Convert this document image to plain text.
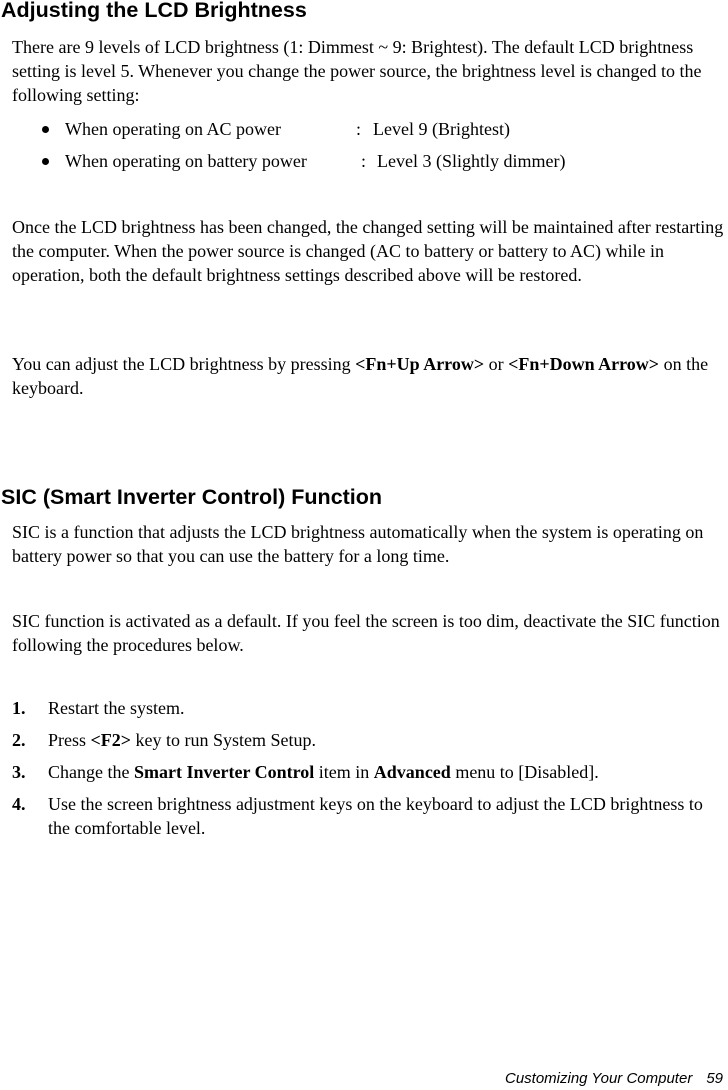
Adjusting the LCD Brightness

There are 9 levels of LCD brightness (1: Dimmest ~ 9: Brightest). The default LCD brightness setting is level 5. Whenever you change the power source, the brightness level is changed to the following setting:

When operating on AC power	: Level 9 (Brightest)
When operating on battery power	: Level 3 (Slightly dimmer)

Once the LCD brightness has been changed, the changed setting will be maintained after restarting the computer. When the power source is changed (AC to battery or battery to AC) while in operation, both the default brightness settings described above will be restored.

You can adjust the LCD brightness by pressing <Fn+Up Arrow> or <Fn+Down Arrow> on the keyboard.

SIC (Smart Inverter Control) Function

SIC is a function that adjusts the LCD brightness automatically when the system is operating on battery power so that you can use the battery for a long time.

SIC function is activated as a default. If you feel the screen is too dim, deactivate the SIC function following the procedures below.

1. Restart the system.
2. Press <F2> key to run System Setup.
3. Change the Smart Inverter Control item in Advanced menu to [Disabled].
4. Use the screen brightness adjustment keys on the keyboard to adjust the LCD brightness to the comfortable level.
Customizing Your Computer 59
